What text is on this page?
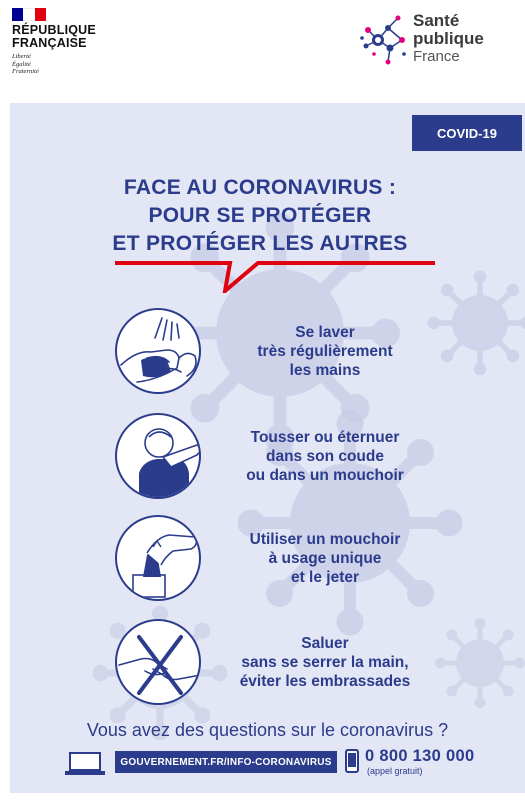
RÉPUBLIQUE
FRANÇAISE
Liberté
Égalité
Fraternité
Santé
publique
France
COVID-19
FACE AU CORONAVIRUS :
POUR SE PROTÉGER
ET PROTÉGER LES AUTRES
Se laver
très régulièrement
les mains
Tousser ou éternuer
dans son coude
ou dans un mouchoir
Utiliser un mouchoir
à usage unique
et le jeter
Saluer
sans se serrer la main,
éviter les embrassades
Vous avez des questions sur le coronavirus ?
GOUVERNEMENT.FR/INFO-CORONAVIRUS	0 800 130 000
(appel gratuit)
